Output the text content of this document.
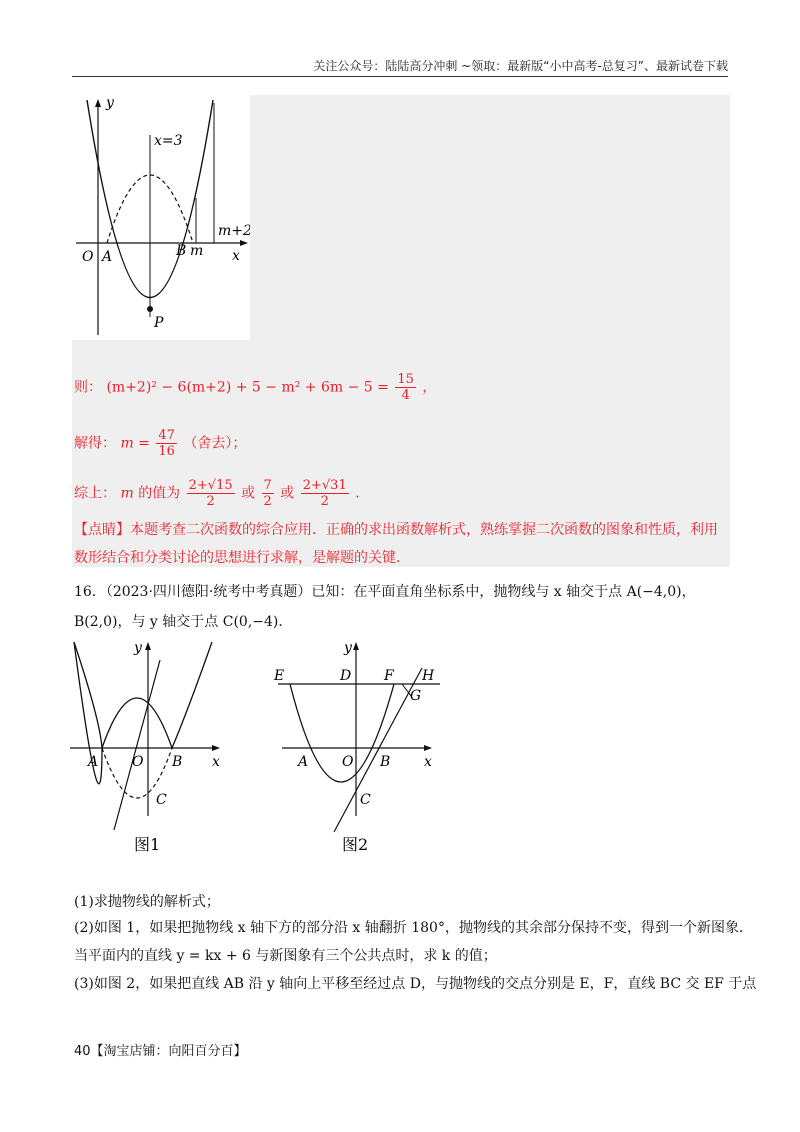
关注公众号：陆陆高分冲刺 ~领取：最新版“小中高考-总复习”、最新试卷下载
y
x
O A	B m
P
x=3
m+2
则： $(m+2)^2 - 6(m+2) + 5 - m^2 + 6m - 5 = \frac{15}{4}$ ，
解得： $m = \frac{47}{16}$ （舍去）；
综上： m 的值为 $\frac{2+√15}{2}$ 或 $\frac{7}{2}$ 或 $\frac{2+√31}{2}$ .
【点睛】本题考查二次函数的综合应用．正确的求出函数解析式，熟练掌握二次函数的图象和性质，利用数形结合和分类讨论的思想进行求解，是解题的关键．
16．（2023·四川德阳·统考中考真题）已知：在平面直角坐标系中，抛物线与 x 轴交于点 A(−4,0)，
B(2,0)，与 y 轴交于点 C(0,−4)．
y
x
A O B
C
图1
E	D F
G
H
y
x
A O B
C
图2
(1)求抛物线的解析式；
(2)如图 1，如果把抛物线 x 轴下方的部分沿 x 轴翻折 180°，抛物线的其余部分保持不变，得到一个新图象．
当平面内的直线 y = kx + 6 与新图象有三个公共点时，求 k 的值；
(3)如图 2，如果把直线 AB 沿 y 轴向上平移至经过点 D，与抛物线的交点分别是 E，F，直线 BC 交 EF 于点
40【淘宝店铺：向阳百分百】
